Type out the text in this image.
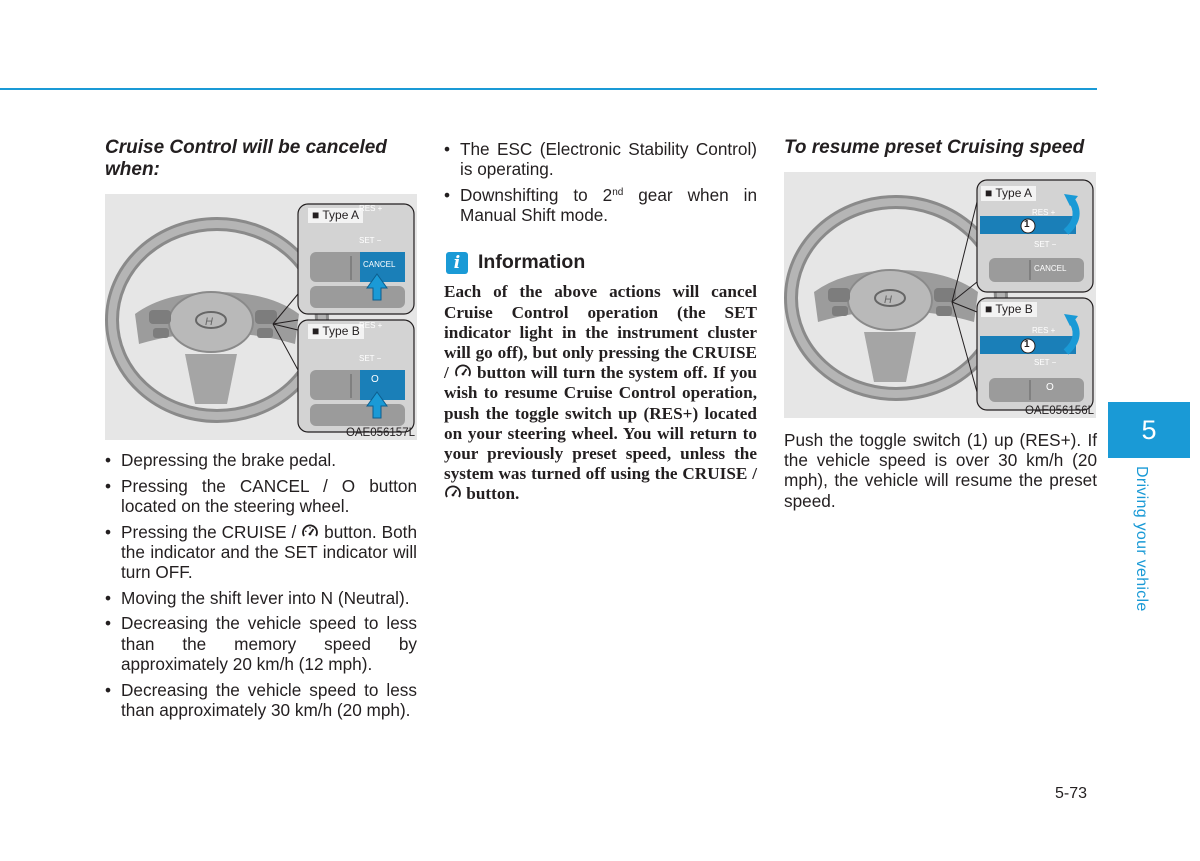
Cruise Control will be canceled when:
H
■ Type A RES +
SET −
CANCEL
■ Type B RES +
SET −
O
OAE056157L
• Depressing the brake pedal.
• Pressing the CANCEL / O button located on the steering wheel.
• Pressing the CRUISE /  button. Both the indicator and the SET indicator will turn OFF.
• Moving the shift lever into N (Neutral).
• Decreasing the vehicle speed to less than the memory speed by approximately 20 km/h (12 mph).
• Decreasing the vehicle speed to less than approximately 30 km/h (20 mph).
• The ESC (Electronic Stability Control) is operating.
• Downshifting to 2nd gear when in Manual Shift mode.
i Information

Each of the above actions will cancel Cruise Control operation (the SET indicator light in the instrument cluster will go off), but only pressing the CRUISE /  button will turn the system off. If you wish to resume Cruise Control operation, push the toggle switch up (RES+) located on your steering wheel. You will return to your previously preset speed, unless the system was turned off using the CRUISE /  button.

To resume preset Cruising speed
H
■ Type A
RES +
SET −
CANCEL
1
■ Type B
RES +
SET −
O
1
OAE056156L

Push the toggle switch (1) up (RES+). If the vehicle speed is over 30 km/h (20 mph), the vehicle will resume the preset speed.

5
Driving your vehicle
5-73
